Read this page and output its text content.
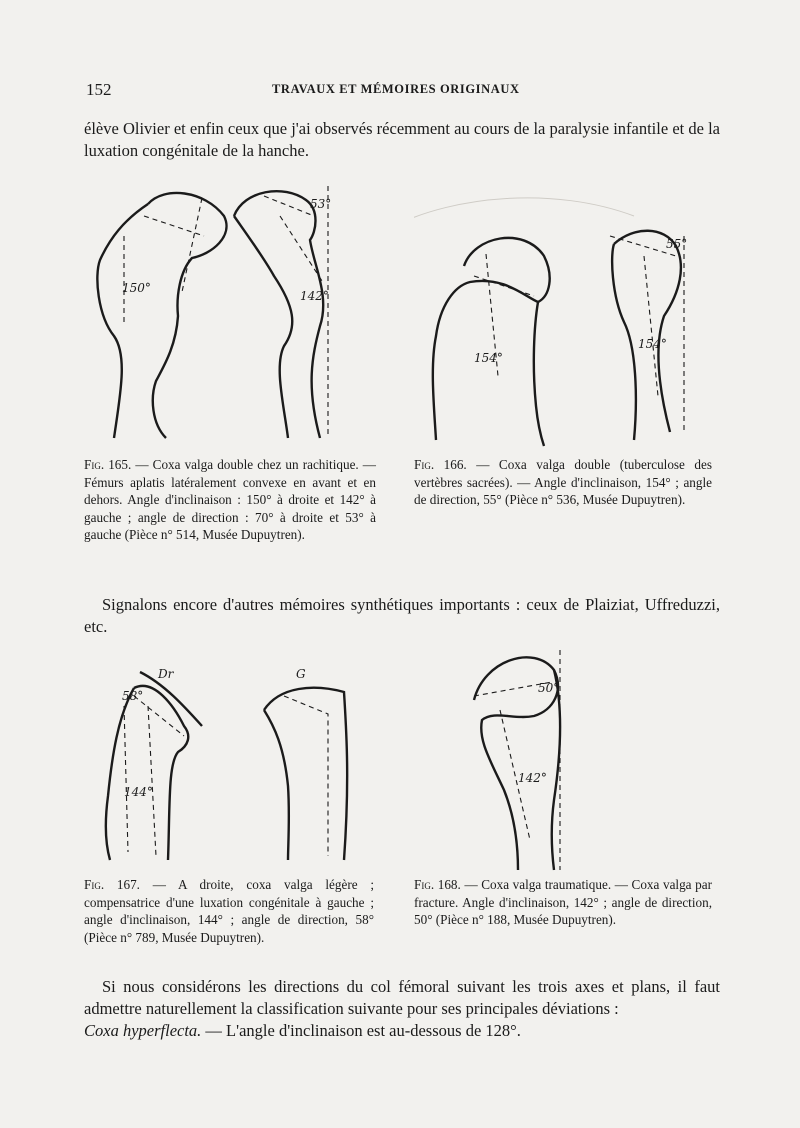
152	TRAVAUX ET MÉMOIRES ORIGINAUX
élève Olivier et enfin ceux que j'ai observés récemment au cours de la paralysie infantile et de la luxation congénitale de la hanche.
53°
150°
142°
55°
154°
154°
Fig. 165. — Coxa valga double chez un rachitique. — Fémurs aplatis latéralement convexe en avant et en dehors. Angle d'inclinaison : 150° à droite et 142° à gauche ; angle de direction : 70° à droite et 53° à gauche (Pièce n° 514, Musée Dupuytren).
Fig. 166. — Coxa valga double (tuberculose des vertèbres sacrées). — Angle d'inclinaison, 154° ; angle de direction, 55° (Pièce n° 536, Musée Dupuytren).
Signalons encore d'autres mémoires synthétiques importants : ceux de Plaiziat, Uffreduzzi, etc.
Dr	G
58°
144°
50°
142°
Fig. 167. — A droite, coxa valga légère ; compensatrice d'une luxation congénitale à gauche ; angle d'inclinaison, 144° ; angle de direction, 58° (Pièce n° 789, Musée Dupuytren).
Fig. 168. — Coxa valga traumatique. — Coxa valga par fracture. Angle d'inclinaison, 142° ; angle de direction, 50° (Pièce n° 188, Musée Dupuytren).
Si nous considérons les directions du col fémoral suivant les trois axes et plans, il faut admettre naturellement la classification suivante pour ses principales déviations :
Coxa hyperflecta. — L'angle d'inclinaison est au-dessous de 128°.
